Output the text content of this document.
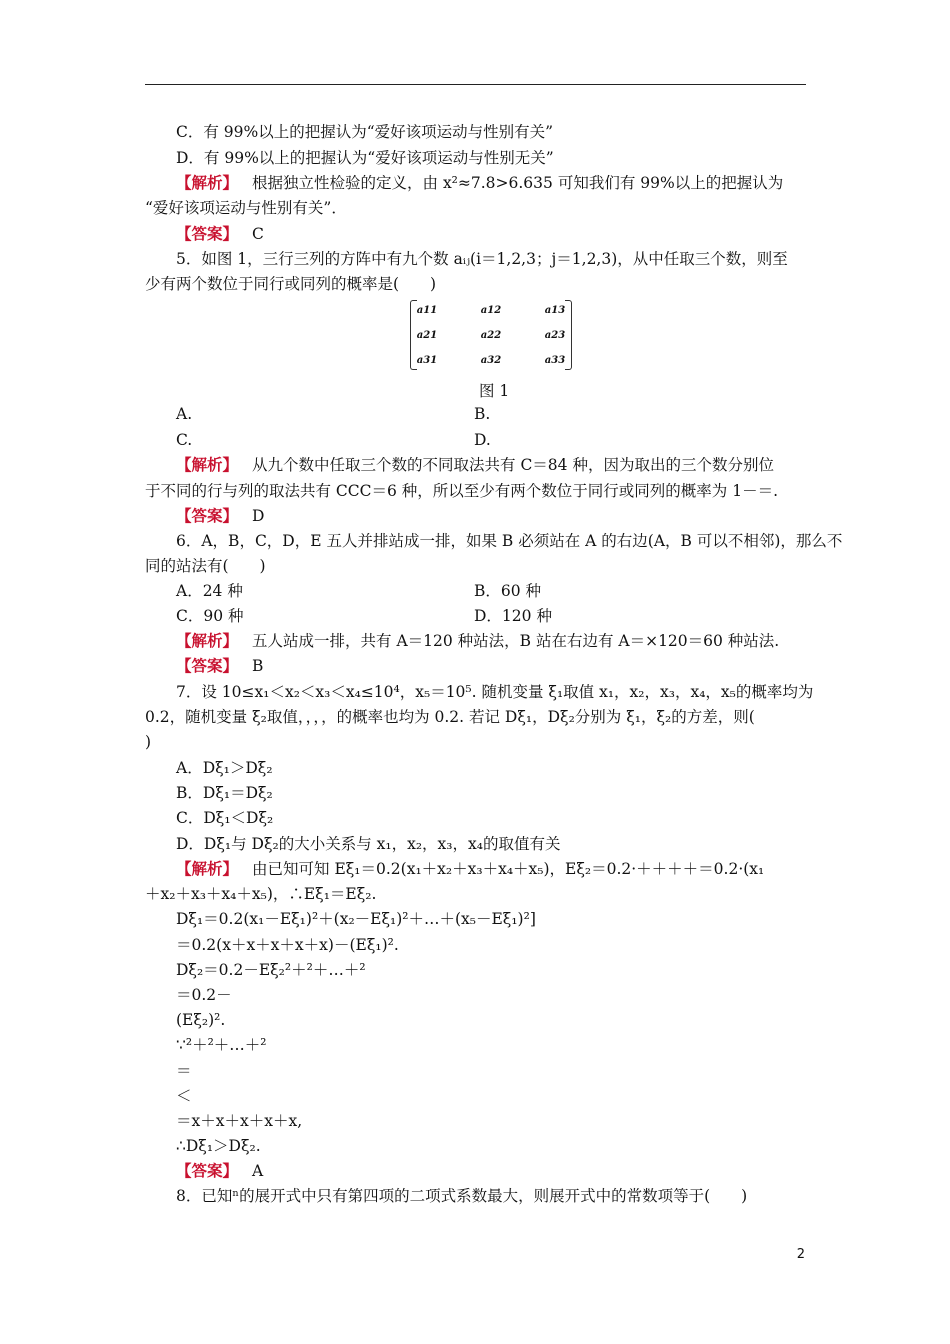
C．有 99%以上的把握认为“爱好该项运动与性别有关”
D．有 99%以上的把握认为“爱好该项运动与性别无关”
【解析】 根据独立性检验的定义，由 x²≈7.8>6.635 可知我们有 99%以上的把握认为
“爱好该项运动与性别有关”．
【答案】 C
5．如图 1，三行三列的方阵中有九个数 aᵢⱼ(i＝1,2,3；j＝1,2,3)，从中任取三个数，则至
少有两个数位于同行或同列的概率是(　　)
a11	a12	a13
a21	a22	a23
a31	a32	a33
图 1
A.	B.
C.	D.
【解析】 从九个数中任取三个数的不同取法共有 C＝84 种，因为取出的三个数分别位
于不同的行与列的取法共有 CCC＝6 种，所以至少有两个数位于同行或同列的概率为 1－＝.
【答案】 D
6．A，B，C，D，E 五人并排站成一排，如果 B 必须站在 A 的右边(A，B 可以不相邻)，那么不
同的站法有(　　)
A．24 种	B．60 种
C．90 种	D．120 种
【解析】 五人站成一排，共有 A＝120 种站法，B 站在右边有 A＝×120＝60 种站法.
【答案】 B
7．设 10≤x₁＜x₂＜x₃＜x₄≤10⁴，x₅＝10⁵. 随机变量 ξ₁取值 x₁，x₂，x₃，x₄，x₅的概率均为
0.2，随机变量 ξ₂取值，，，，的概率也均为 0.2. 若记 Dξ₁，Dξ₂分别为 ξ₁，ξ₂的方差，则(
)
A．Dξ₁＞Dξ₂
B．Dξ₁＝Dξ₂
C．Dξ₁＜Dξ₂
D．Dξ₁与 Dξ₂的大小关系与 x₁，x₂，x₃，x₄的取值有关
【解析】 由已知可知 Eξ₁＝0.2(x₁＋x₂＋x₃＋x₄＋x₅)，Eξ₂＝0.2·＋＋＋＋＝0.2·(x₁
＋x₂＋x₃＋x₄＋x₅)，∴Eξ₁＝Eξ₂.
Dξ₁＝0.2(x₁－Eξ₁)²＋(x₂－Eξ₁)²＋…＋(x₅－Eξ₁)²]
＝0.2(x＋x＋x＋x＋x)－(Eξ₁)².
Dξ₂＝0.2－Eξ₂²＋²＋…＋²
＝0.2－
(Eξ₂)².
∵²＋²＋…＋²
＝
＜
＝x＋x＋x＋x＋x,
∴Dξ₁＞Dξ₂.
【答案】 A
8．已知ⁿ的展开式中只有第四项的二项式系数最大，则展开式中的常数项等于(　　)
2
